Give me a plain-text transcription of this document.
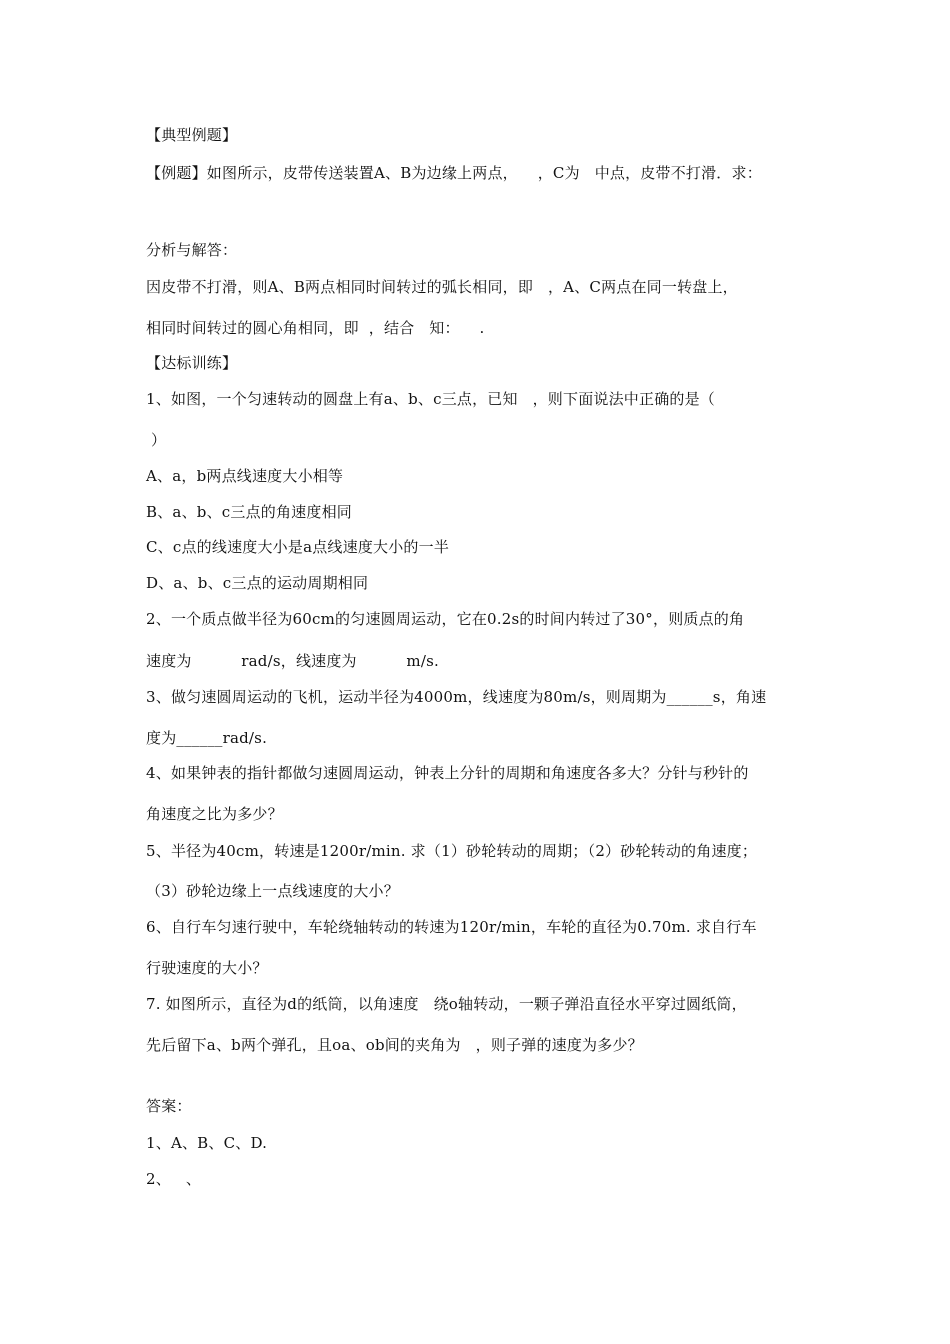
【典型例题】
【例题】如图所示，皮带传送装置A、B为边缘上两点，    ，C为   中点，皮带不打滑．求：
分析与解答：
因皮带不打滑，则A、B两点相同时间转过的弧长相同，即   ，A、C两点在同一转盘上，
相同时间转过的圆心角相同，即  ，结合   知：    .
【达标训练】
1、如图，一个匀速转动的圆盘上有a、b、c三点，已知   ，则下面说法中正确的是（
）
A、a，b两点线速度大小相等
B、a、b、c三点的角速度相同
C、c点的线速度大小是a点线速度大小的一半
D、a、b、c三点的运动周期相同
2、一个质点做半径为60cm的匀速圆周运动，它在0.2s的时间内转过了30°，则质点的角
速度为          rad/s，线速度为          m/s.
3、做匀速圆周运动的飞机，运动半径为4000m，线速度为80m/s，则周期为______s，角速
度为______rad/s.
4、如果钟表的指针都做匀速圆周运动，钟表上分针的周期和角速度各多大？分针与秒针的
角速度之比为多少？
5、半径为40cm，转速是1200r/min. 求（1）砂轮转动的周期；（2）砂轮转动的角速度；
（3）砂轮边缘上一点线速度的大小？
6、自行车匀速行驶中，车轮绕轴转动的转速为120r/min，车轮的直径为0.70m. 求自行车
行驶速度的大小？
7. 如图所示，直径为d的纸筒，以角速度   绕o轴转动，一颗子弹沿直径水平穿过圆纸筒，
先后留下a、b两个弹孔，且oa、ob间的夹角为   ，则子弹的速度为多少？
答案：
1、A、B、C、D.
2、   、
